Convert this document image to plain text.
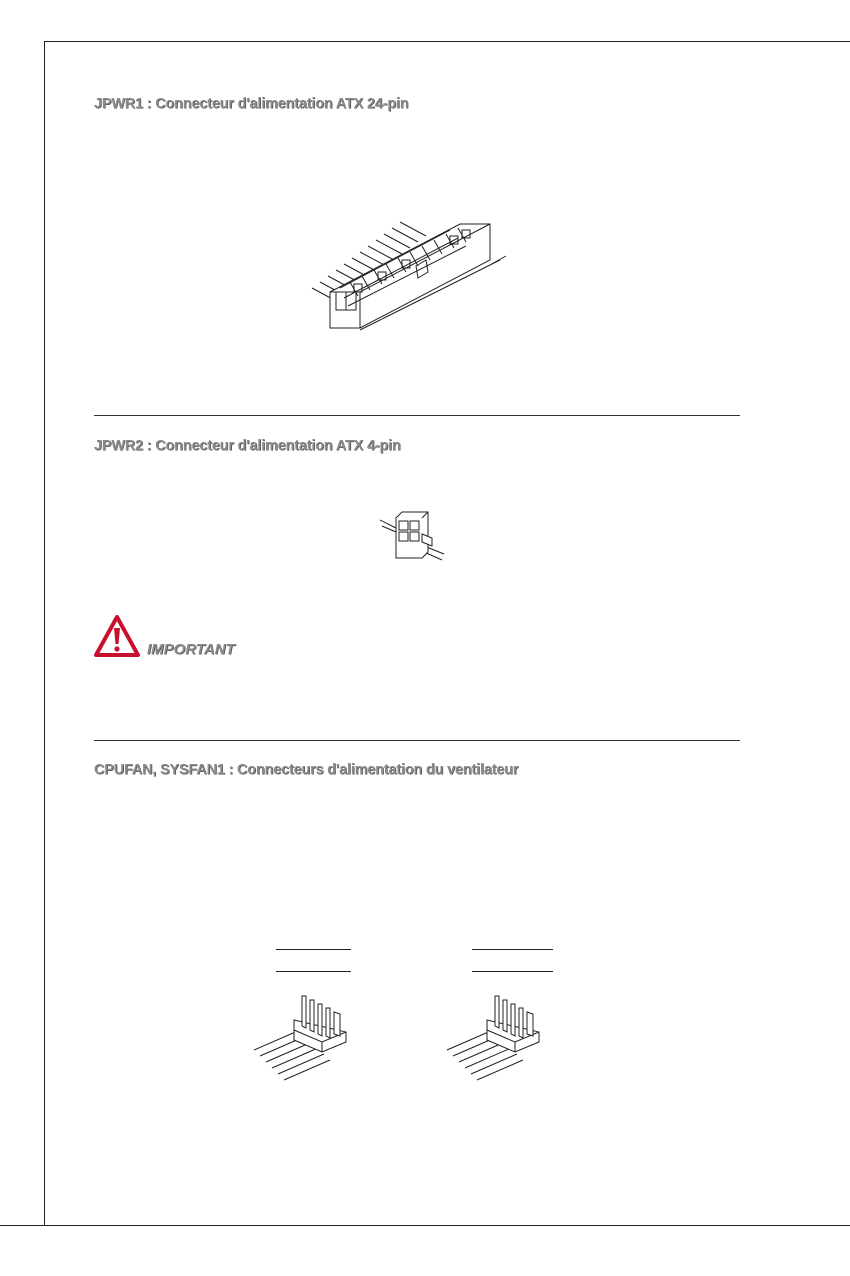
JPWR1 : Connecteur d'alimentation ATX 24-pin
JPWR2 : Connecteur d'alimentation ATX 4-pin
IMPORTANT
CPUFAN, SYSFAN1 : Connecteurs d'alimentation du ventilateur
